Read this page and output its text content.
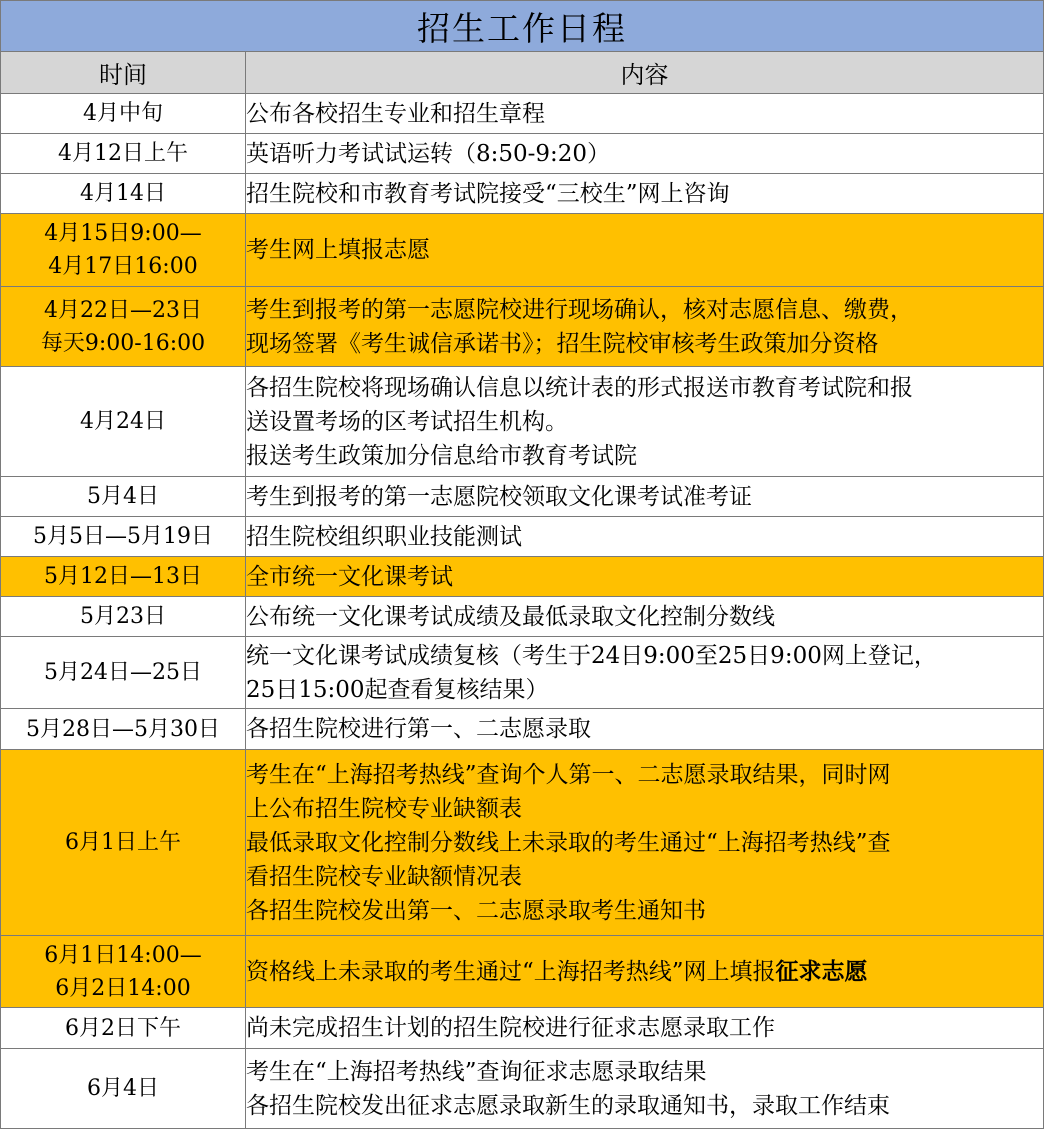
招生工作日程	
时间	内容
4月中旬	公布各校招生专业和招生章程

4月12日上午	英语听力考试试运转（8:50-9:20）

4月14日	招生院校和市教育考试院接受“三校生”网上咨询

4月15日9:00—
4月17日16:00	考生网上填报志愿

4月22日—23日
每天9:00-16:00	考生到报考的第一志愿院校进行现场确认，核对志愿信息、缴费，
现场签署《考生诚信承诺书》；招生院校审核考生政策加分资格

4月24日	各招生院校将现场确认信息以统计表的形式报送市教育考试院和报
送设置考场的区考试招生机构。
报送考生政策加分信息给市教育考试院

5月4日	考生到报考的第一志愿院校领取文化课考试准考证

5月5日—5月19日	招生院校组织职业技能测试

5月12日—13日	全市统一文化课考试

5月23日	公布统一文化课考试成绩及最低录取文化控制分数线

5月24日—25日	统一文化课考试成绩复核（考生于24日9:00至25日9:00网上登记，
25日15:00起查看复核结果）

5月28日—5月30日	各招生院校进行第一、二志愿录取

6月1日上午	考生在“上海招考热线”查询个人第一、二志愿录取结果，同时网
上公布招生院校专业缺额表
最低录取文化控制分数线上未录取的考生通过“上海招考热线”查
看招生院校专业缺额情况表
各招生院校发出第一、二志愿录取考生通知书

6月1日14:00—
6月2日14:00	资格线上未录取的考生通过“上海招考热线”网上填报征求志愿

6月2日下午	尚未完成招生计划的招生院校进行征求志愿录取工作

6月4日	考生在“上海招考热线”查询征求志愿录取结果
各招生院校发出征求志愿录取新生的录取通知书，录取工作结束
